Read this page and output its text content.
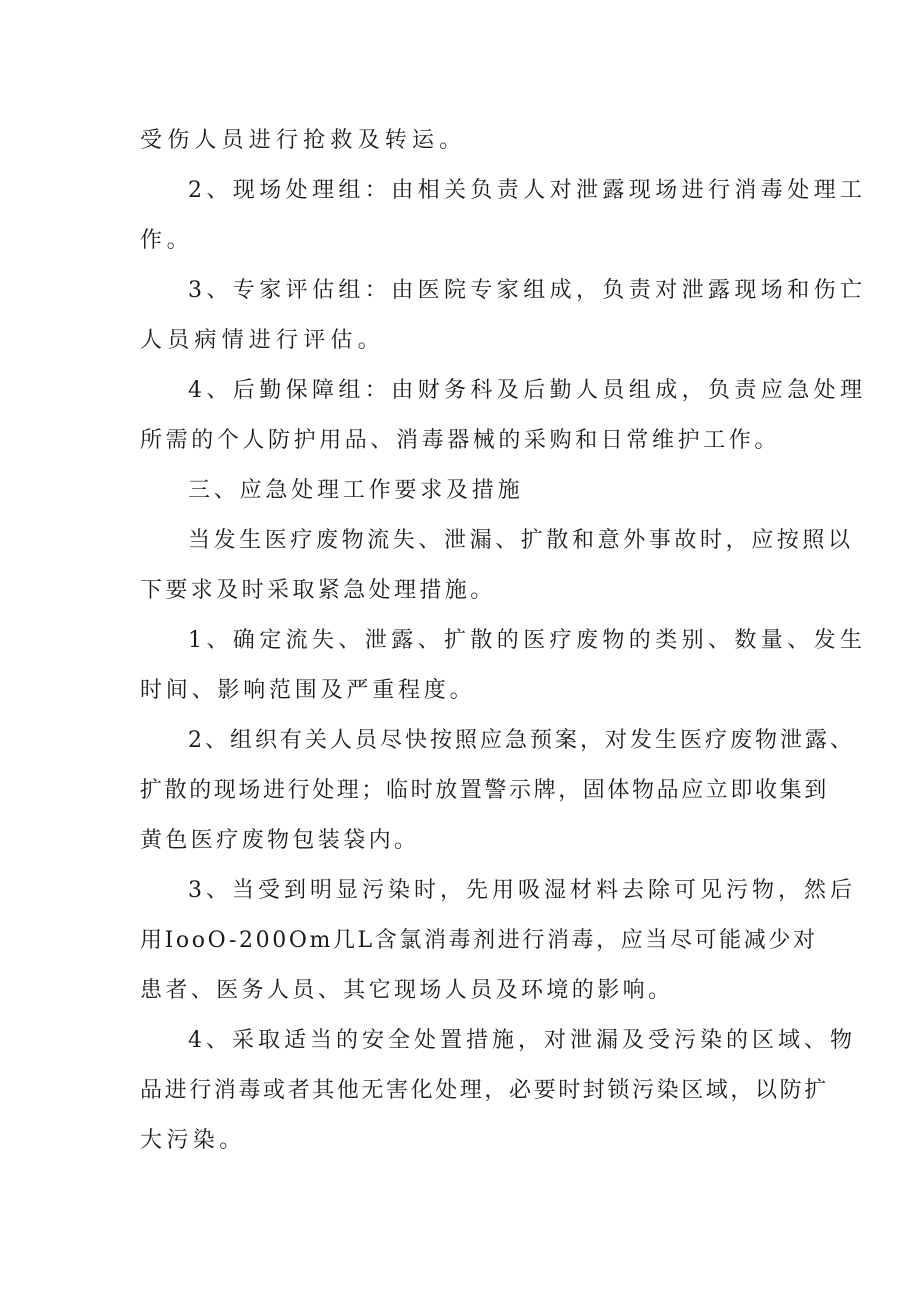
受伤人员进行抢救及转运。
2、现场处理组：由相关负责人对泄露现场进行消毒处理工
作。
3、专家评估组：由医院专家组成，负责对泄露现场和伤亡
人员病情进行评估。
4、后勤保障组：由财务科及后勤人员组成，负责应急处理
所需的个人防护用品、消毒器械的采购和日常维护工作。
三、应急处理工作要求及措施
当发生医疗废物流失、泄漏、扩散和意外事故时，应按照以
下要求及时采取紧急处理措施。
1、确定流失、泄露、扩散的医疗废物的类别、数量、发生
时间、影响范围及严重程度。
2、组织有关人员尽快按照应急预案，对发生医疗废物泄露、
扩散的现场进行处理；临时放置警示牌，固体物品应立即收集到
黄色医疗废物包装袋内。
3、当受到明显污染时，先用吸湿材料去除可见污物，然后
用IooO-200Om几L含氯消毒剂进行消毒，应当尽可能减少对
患者、医务人员、其它现场人员及环境的影响。
4、采取适当的安全处置措施，对泄漏及受污染的区域、物
品进行消毒或者其他无害化处理，必要时封锁污染区域，以防扩
大污染。
